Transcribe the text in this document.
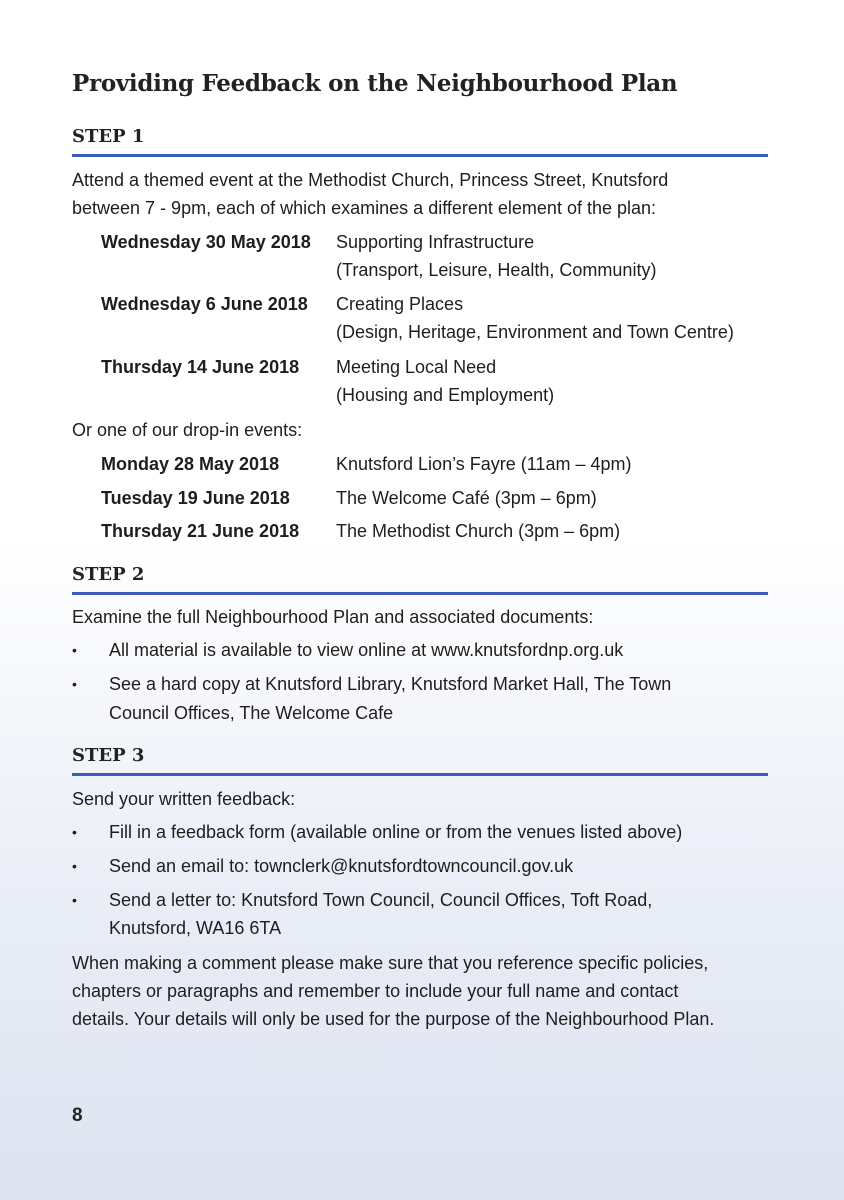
Providing Feedback on the Neighbourhood Plan
STEP 1
Attend a themed event at the Methodist Church, Princess Street, Knutsford
between 7 - 9pm, each of which examines a different element of the plan:
Wednesday 30 May 2018 Supporting Infrastructure
(Transport, Leisure, Health, Community)
Wednesday 6 June 2018 Creating Places
(Design, Heritage, Environment and Town Centre)
Thursday 14 June 2018 Meeting Local Need
(Housing and Employment)
Or one of our drop-in events:
Monday 28 May 2018	Knutsford Lion’s Fayre (11am – 4pm)
Tuesday 19 June 2018	The Welcome Café (3pm – 6pm)
Thursday 21 June 2018 The Methodist Church (3pm – 6pm)
STEP 2
Examine the full Neighbourhood Plan and associated documents:
• All material is available to view online at www.knutsfordnp.org.uk
• See a hard copy at Knutsford Library, Knutsford Market Hall, The Town
Council Offices, The Welcome Cafe
STEP 3
Send your written feedback:
• Fill in a feedback form (available online or from the venues listed above)
• Send an email to: townclerk@knutsfordtowncouncil.gov.uk
• Send a letter to: Knutsford Town Council, Council Offices, Toft Road,
Knutsford, WA16 6TA
When making a comment please make sure that you reference specific policies,
chapters or paragraphs and remember to include your full name and contact
details. Your details will only be used for the purpose of the Neighbourhood Plan.
8
